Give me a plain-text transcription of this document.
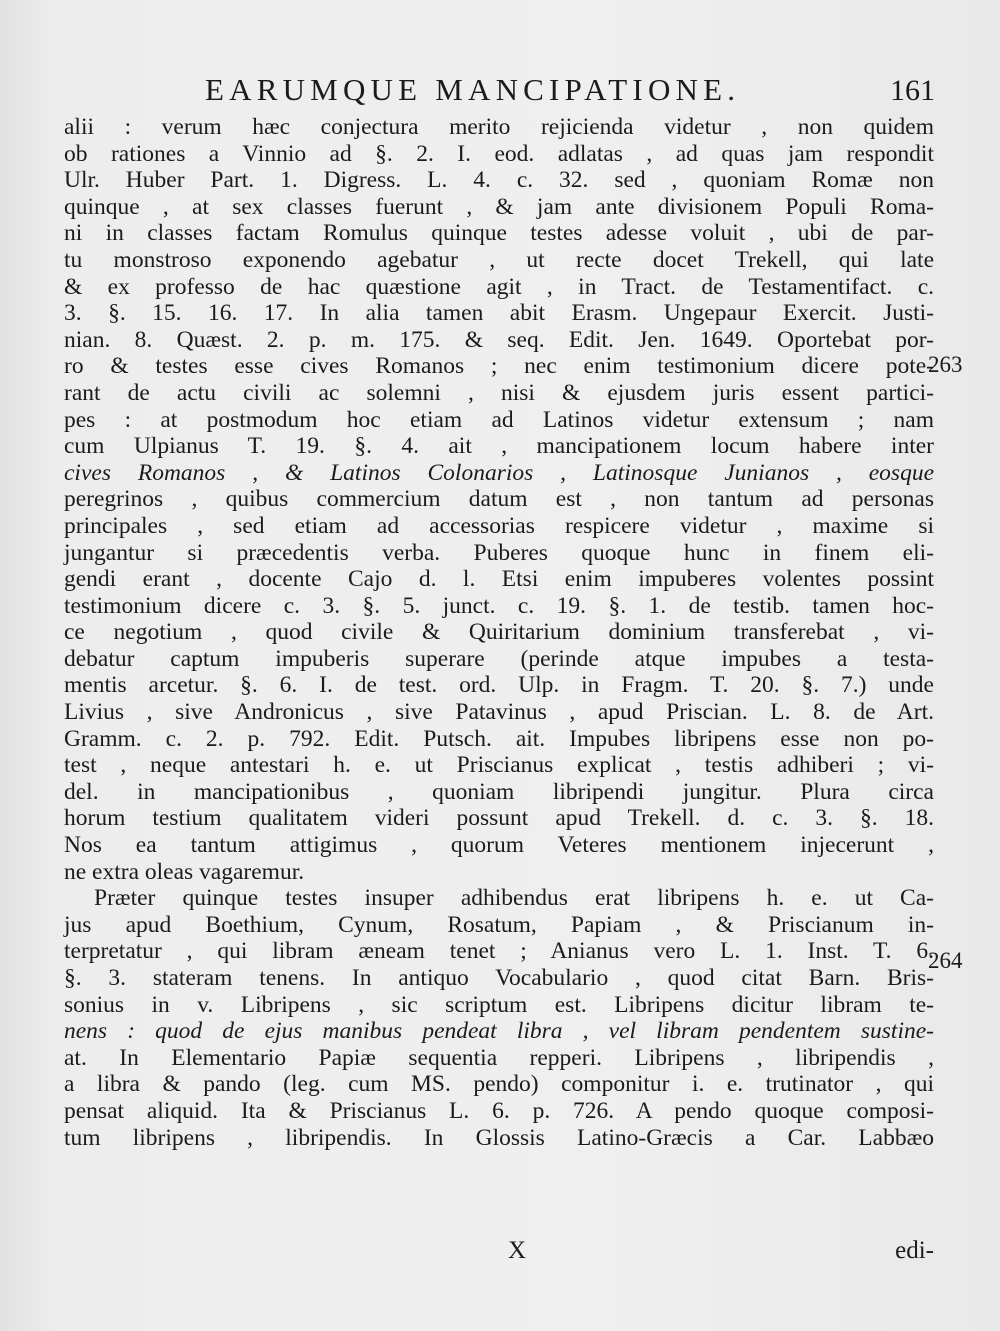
EARUMQUE MANCIPATIONE.	161
alii : verum hæc conjectura merito rejicienda videtur , non quidem
ob rationes a Vinnio ad §. 2. I. eod. adlatas , ad quas jam respondit
Ulr. Huber Part. 1. Digress. L. 4. c. 32. sed , quoniam Romæ non
quinque , at sex classes fuerunt , & jam ante divisionem Populi Roma-
ni in classes factam Romulus quinque testes adesse voluit , ubi de par-
tu monstroso exponendo agebatur , ut recte docet Trekell, qui late
& ex professo de hac quæstione agit , in Tract. de Testamentifact. c.
3. §. 15. 16. 17. In alia tamen abit Erasm. Ungepaur Exercit. Justi-
nian. 8. Quæst. 2. p. m. 175. & seq. Edit. Jen. 1649. Oportebat por-
ro & testes esse cives Romanos ; nec enim testimonium dicere pote-
rant de actu civili ac solemni , nisi & ejusdem juris essent partici-
pes : at postmodum hoc etiam ad Latinos videtur extensum ; nam
cum Ulpianus T. 19. §. 4. ait , mancipationem locum habere inter
cives Romanos , & Latinos Colonarios , Latinosque Junianos , eosque
peregrinos , quibus commercium datum est , non tantum ad personas
principales , sed etiam ad accessorias respicere videtur , maxime si
jungantur si præcedentis verba. Puberes quoque hunc in finem eli-
gendi erant , docente Cajo d. l. Etsi enim impuberes volentes possint
testimonium dicere c. 3. §. 5. junct. c. 19. §. 1. de testib. tamen hoc-
ce negotium , quod civile & Quiritarium dominium transferebat , vi-
debatur captum impuberis superare (perinde atque impubes a testa-
mentis arcetur. §. 6. I. de test. ord. Ulp. in Fragm. T. 20. §. 7.) unde
Livius , sive Andronicus , sive Patavinus , apud Priscian. L. 8. de Art.
Gramm. c. 2. p. 792. Edit. Putsch. ait. Impubes libripens esse non po-
test , neque antestari h. e. ut Priscianus explicat , testis adhiberi ; vi-
del. in mancipationibus , quoniam libripendi jungitur. Plura circa
horum testium qualitatem videri possunt apud Trekell. d. c. 3. §. 18.
Nos ea tantum attigimus , quorum Veteres mentionem injecerunt ,
ne extra oleas vagaremur.
Præter quinque testes insuper adhibendus erat libripens h. e. ut Ca-
jus apud Boethium, Cynum, Rosatum, Papiam , & Priscianum in-
terpretatur , qui libram æneam tenet ; Anianus vero L. 1. Inst. T. 6.
§. 3. stateram tenens. In antiquo Vocabulario , quod citat Barn. Bris-
sonius in v. Libripens , sic scriptum est. Libripens dicitur libram te-
nens : quod de ejus manibus pendeat libra , vel libram pendentem sustine-
at. In Elementario Papiæ sequentia repperi. Libripens , libripendis ,
a libra & pando (leg. cum MS. pendo) componitur i. e. trutinator , qui
pensat aliquid. Ita & Priscianus L. 6. p. 726. A pendo quoque composi-
tum libripens , libripendis. In Glossis Latino-Græcis a Car. Labbæo
263
264
X	edi-
